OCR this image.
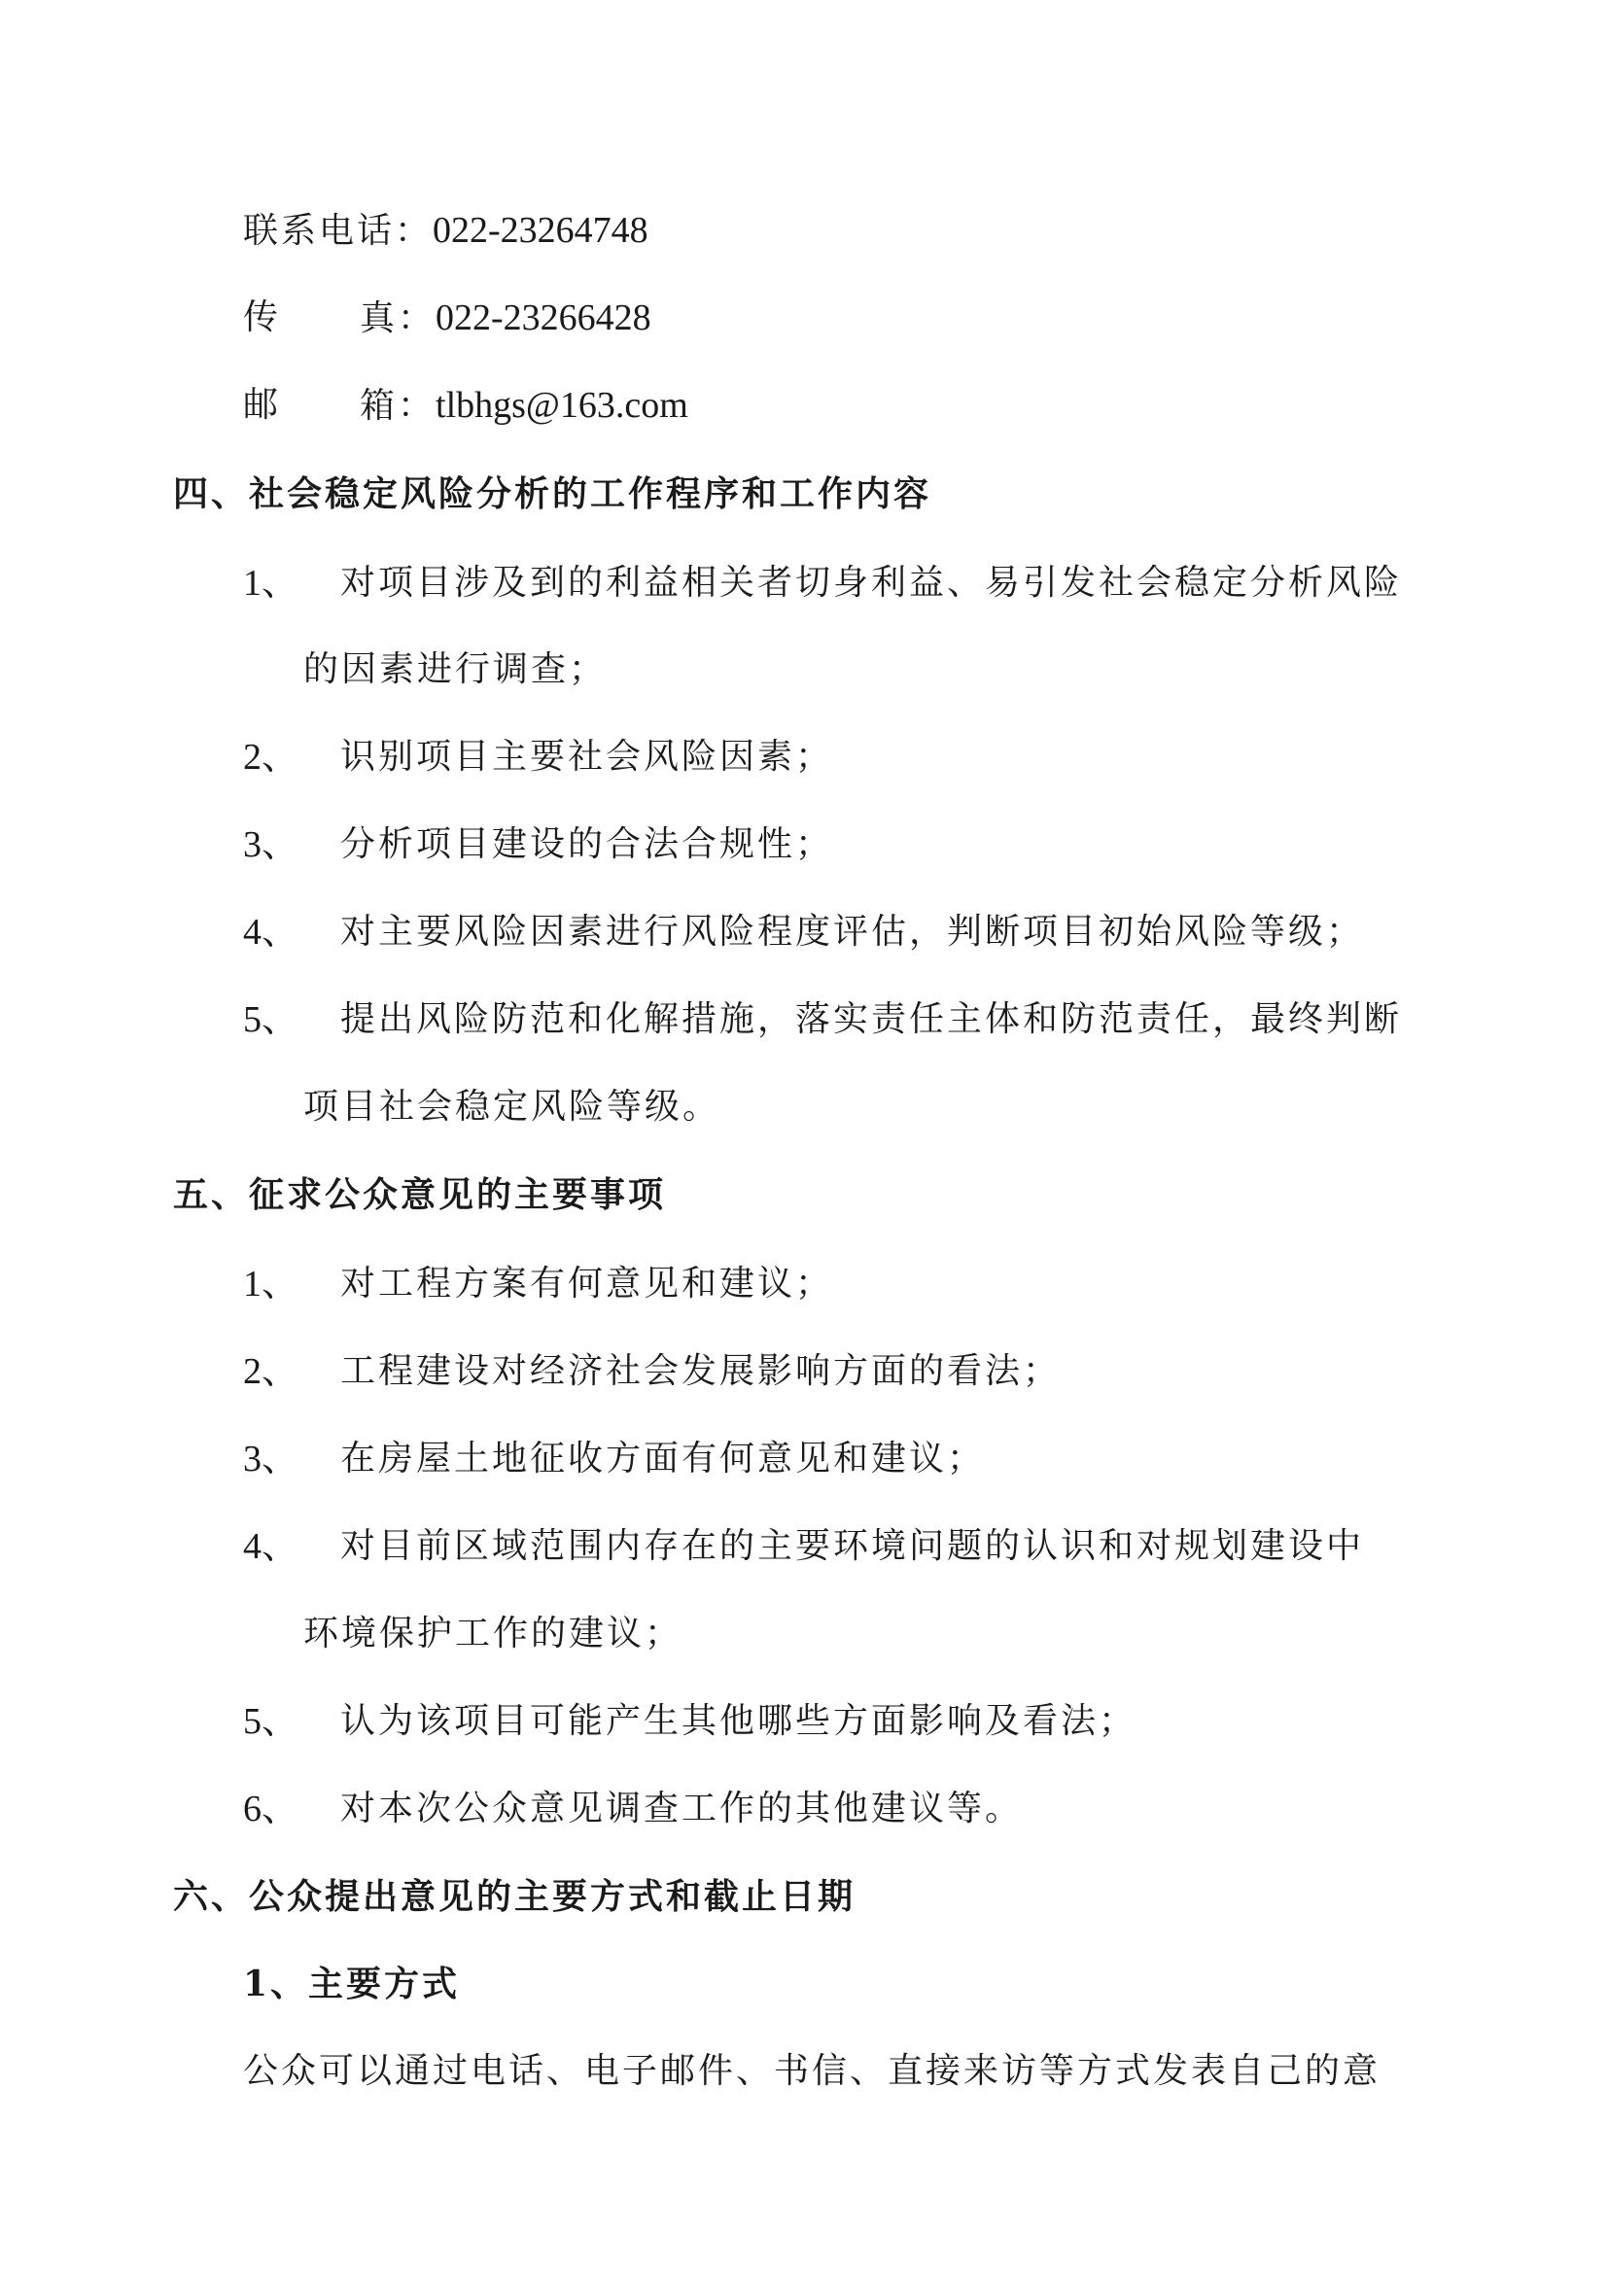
联系电话：022-23264748
传 真：022-23266428
邮 箱：tlbhgs@163.com
四、社会稳定风险分析的工作程序和工作内容
1、 对项目涉及到的利益相关者切身利益、易引发社会稳定分析风险
的因素进行调查；
2、 识别项目主要社会风险因素；
3、 分析项目建设的合法合规性；
4、 对主要风险因素进行风险程度评估，判断项目初始风险等级；
5、 提出风险防范和化解措施，落实责任主体和防范责任，最终判断
项目社会稳定风险等级。
五、征求公众意见的主要事项
1、 对工程方案有何意见和建议；
2、 工程建设对经济社会发展影响方面的看法；
3、 在房屋土地征收方面有何意见和建议；
4、 对目前区域范围内存在的主要环境问题的认识和对规划建设中
环境保护工作的建议；
5、 认为该项目可能产生其他哪些方面影响及看法；
6、 对本次公众意见调查工作的其他建议等。
六、公众提出意见的主要方式和截止日期
1、主要方式
公众可以通过电话、电子邮件、书信、直接来访等方式发表自己的意
